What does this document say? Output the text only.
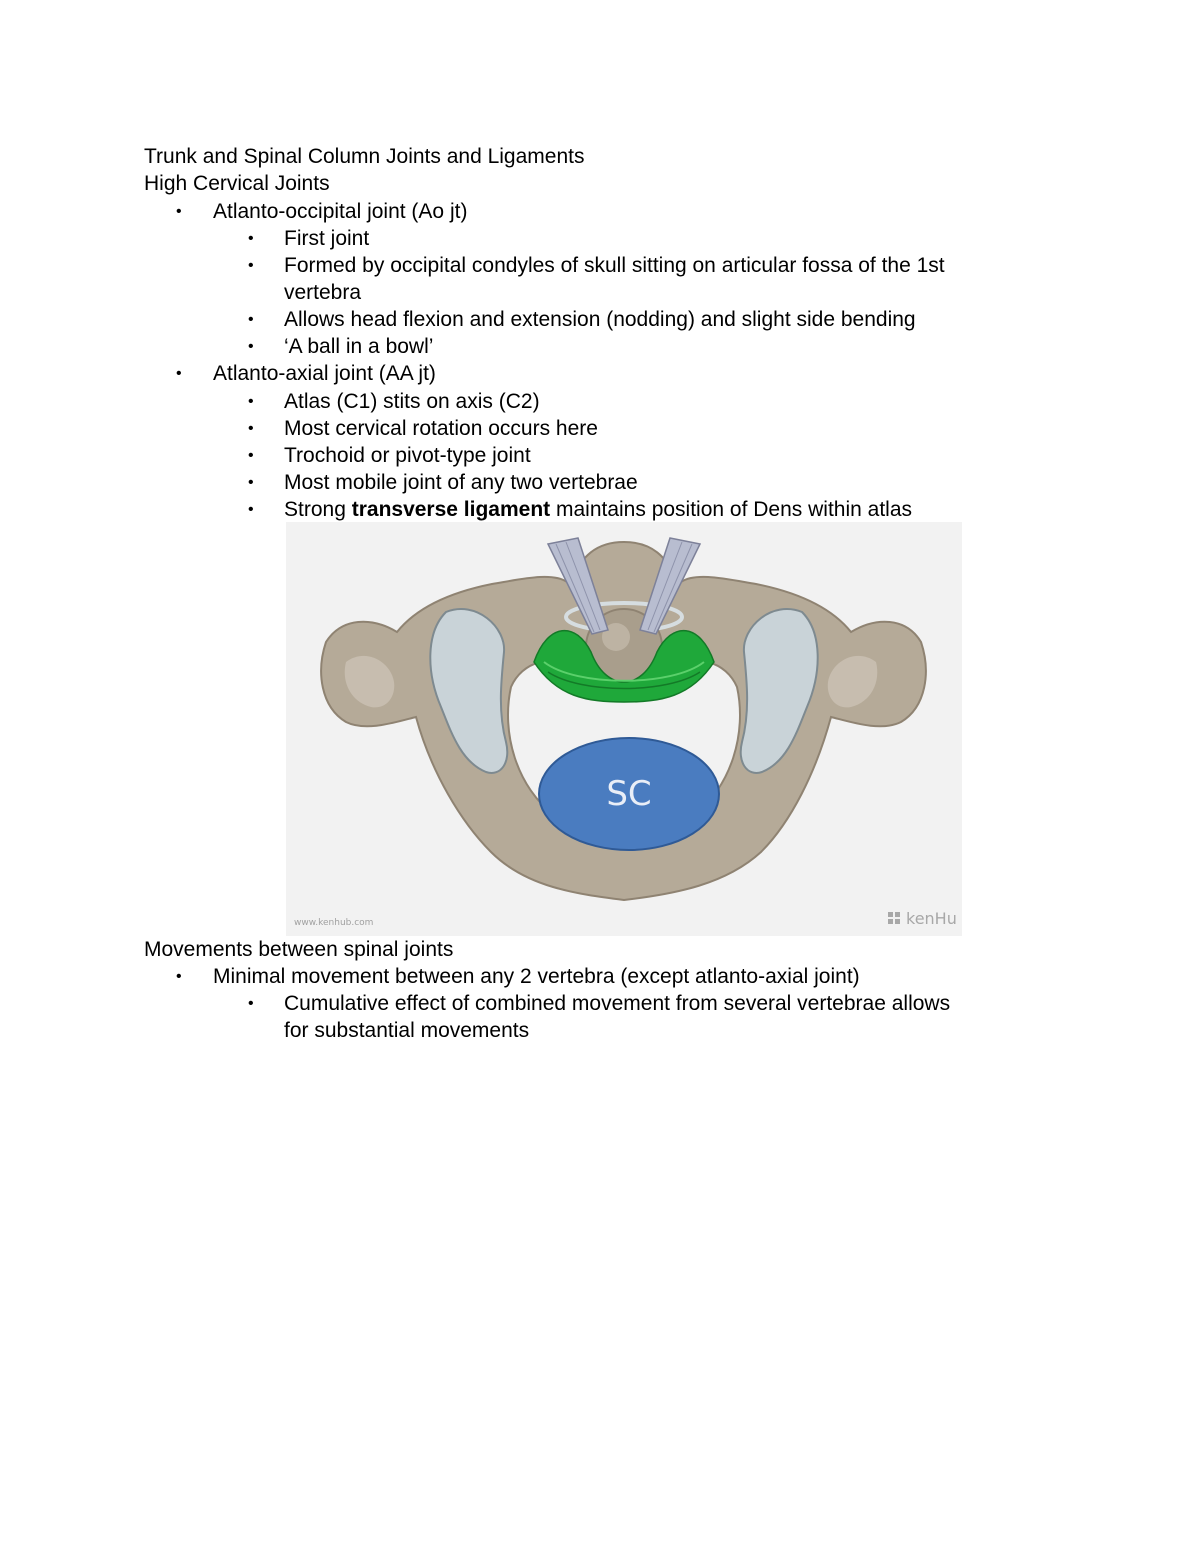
Trunk and Spinal Column Joints and Ligaments
High Cervical Joints
• Atlanto-occipital joint (Ao jt)
• First joint
• Formed by occipital condyles of skull sitting on articular fossa of the 1st
vertebra
• Allows head flexion and extension (nodding) and slight side bending
• ‘A ball in a bowl’
• Atlanto-axial joint (AA jt)
• Atlas (C1) stits on axis (C2)
• Most cervical rotation occurs here
• Trochoid or pivot-type joint
• Most mobile joint of any two vertebrae
• Strong transverse ligament maintains position of Dens within atlas
SC
www.kenhub.com	kenHu
Movements between spinal joints
• Minimal movement between any 2 vertebra (except atlanto-axial joint)
• Cumulative effect of combined movement from several vertebrae allows
for substantial movements
